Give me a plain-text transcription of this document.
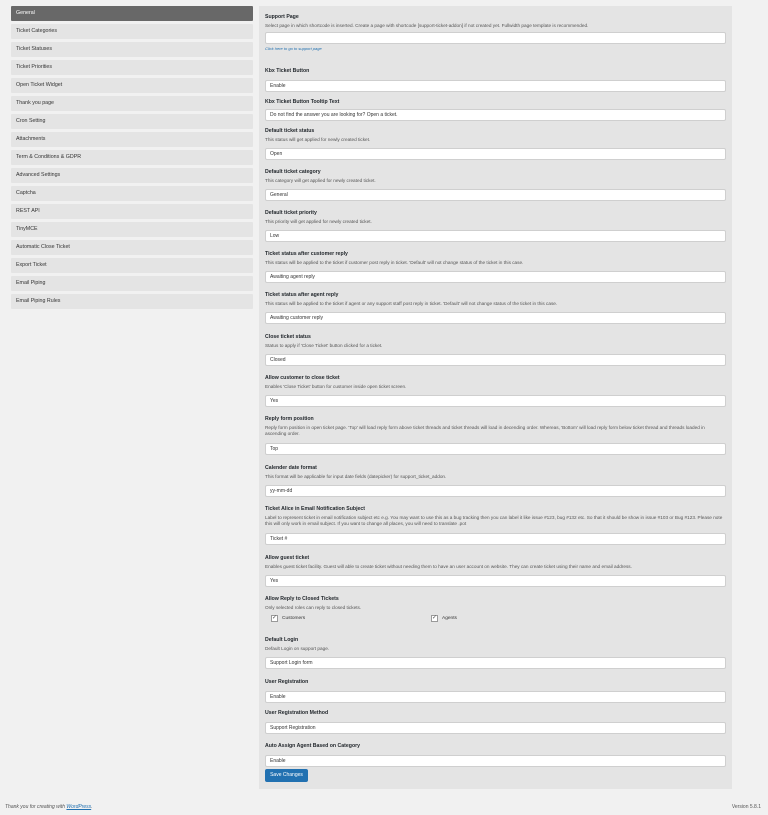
General
Ticket Categories
Ticket Statuses
Ticket Priorities
Open Ticket Widget
Thank you page
Cron Setting
Attachments
Term & Conditions & GDPR
Advanced Settings
Captcha
REST API
TinyMCE
Automatic Close Ticket
Export Ticket
Email Piping
Email Piping Rules
Support Page
Select page in which shortcode is inserted. Create a page with shortcode [support-ticket-addon] if not created yet. Fullwidth page template is recommended.
Click here to go to support page
Kbx Ticket Button
Enable
Kbx Ticket Button Tooltip Text
Do not find the answer you are looking for? Open a ticket.
Default ticket status
This status will get applied for newly created ticket.
Open
Default ticket category
This category will get applied for newly created ticket.
General
Default ticket priority
This priority will get applied for newly created ticket.
Low
Ticket status after customer reply
This status will be applied to the ticket if customer post reply in ticket. 'Default' will not change status of the ticket in this case.
Awaiting agent reply
Ticket status after agent reply
This status will be applied to the ticket if agent or any support staff post reply in ticket. 'Default' will not change status of the ticket in this case.
Awaiting customer reply
Close ticket status
Status to apply if 'Close Ticket' button clicked for a ticket.
Closed
Allow customer to close ticket
Enables 'Close Ticket' button for customer inside open ticket screen.
Yes
Reply form position
Reply form position in open ticket page. 'Top' will load reply form above ticket threads and ticket threads will load in decending order. Whereas, 'Bottom' will load reply form below ticket thread and threads loaded in ascending order.
Top
Calender date format
This format will be applicable for input date fields (datepicker) for support_ticket_addon.
yy-mm-dd
Ticket Alice in Email Notification Subject
Label to represent ticket in email notification subject etc e.g. You may want to use this as a bug tracking then you can label it like issue #123, bug #132 etc. So that it should be show in issue #103 or Bug #123. Please note this will only work in email subject. If you want to change all places, you will need to translate .pot
Ticket #
Allow guest ticket
Enables guest ticket facility. Guest will able to create ticket without needing them to have an user account on website. They can create ticket using their name and email address.
Yes
Allow Reply to Closed Tickets
Only selected roles can reply to closed tickets.
✓ Customers	✓ Agents
Default Login
Default Login on support page.
Support Login form
User Registration
Enable
User Registration Method
Support Registration
Auto Assign Agent Based on Category
Enable
Save Changes
Thank you for creating with WordPress.	Version 5.8.1
